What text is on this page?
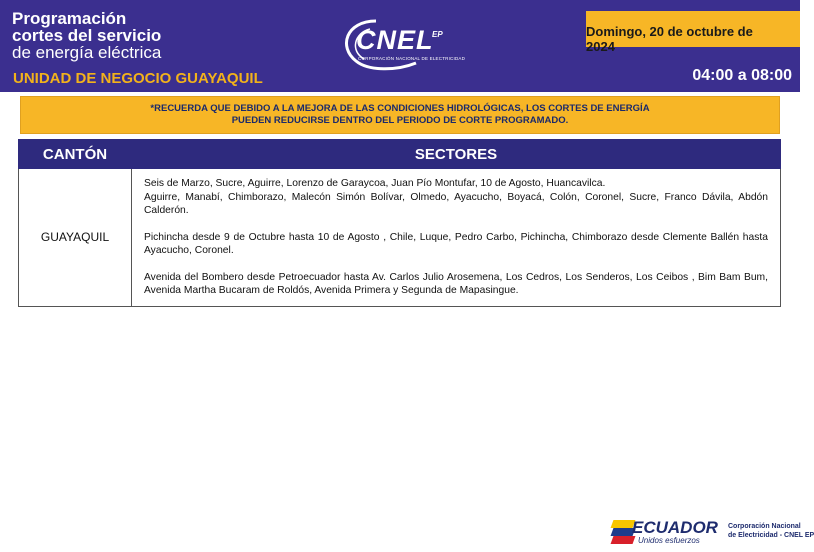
Programación
cortes del servicio
de energía eléctrica
UNIDAD DE NEGOCIO GUAYAQUIL
CNEL
EP
CORPORACIÓN NACIONAL DE ELECTRICIDAD
Domingo, 20 de octubre de 2024
04:00 a 08:00
*RECUERDA QUE DEBIDO A LA MEJORA DE LAS CONDICIONES HIDROLÓGICAS, LOS CORTES DE ENERGÍA
PUEDEN REDUCIRSE DENTRO DEL PERIODO DE CORTE PROGRAMADO.
CANTÓN	SECTORES
GUAYAQUIL	Seis de Marzo, Sucre, Aguirre, Lorenzo de Garaycoa, Juan Pío Montufar, 10 de Agosto, Huancavilca.

Aguirre, Manabí, Chimborazo, Malecón Simón Bolívar, Olmedo, Ayacucho, Boyacá, Colón, Coronel, Sucre, Franco Dávila, Abdón Calderón.

Pichincha desde 9 de Octubre hasta 10 de Agosto , Chile, Luque, Pedro Carbo, Pichincha, Chimborazo desde Clemente Ballén hasta Ayacucho, Coronel.

Avenida del Bombero desde Petroecuador hasta Av. Carlos Julio Arosemena, Los Cedros, Los Senderos, Los Ceibos , Bim Bam Bum, Avenida Martha Bucaram de Roldós, Avenida Primera y Segunda de Mapasingue.

ECUADOR
Unidos esfuerzos
Corporación Nacional
de Electricidad - CNEL EP
